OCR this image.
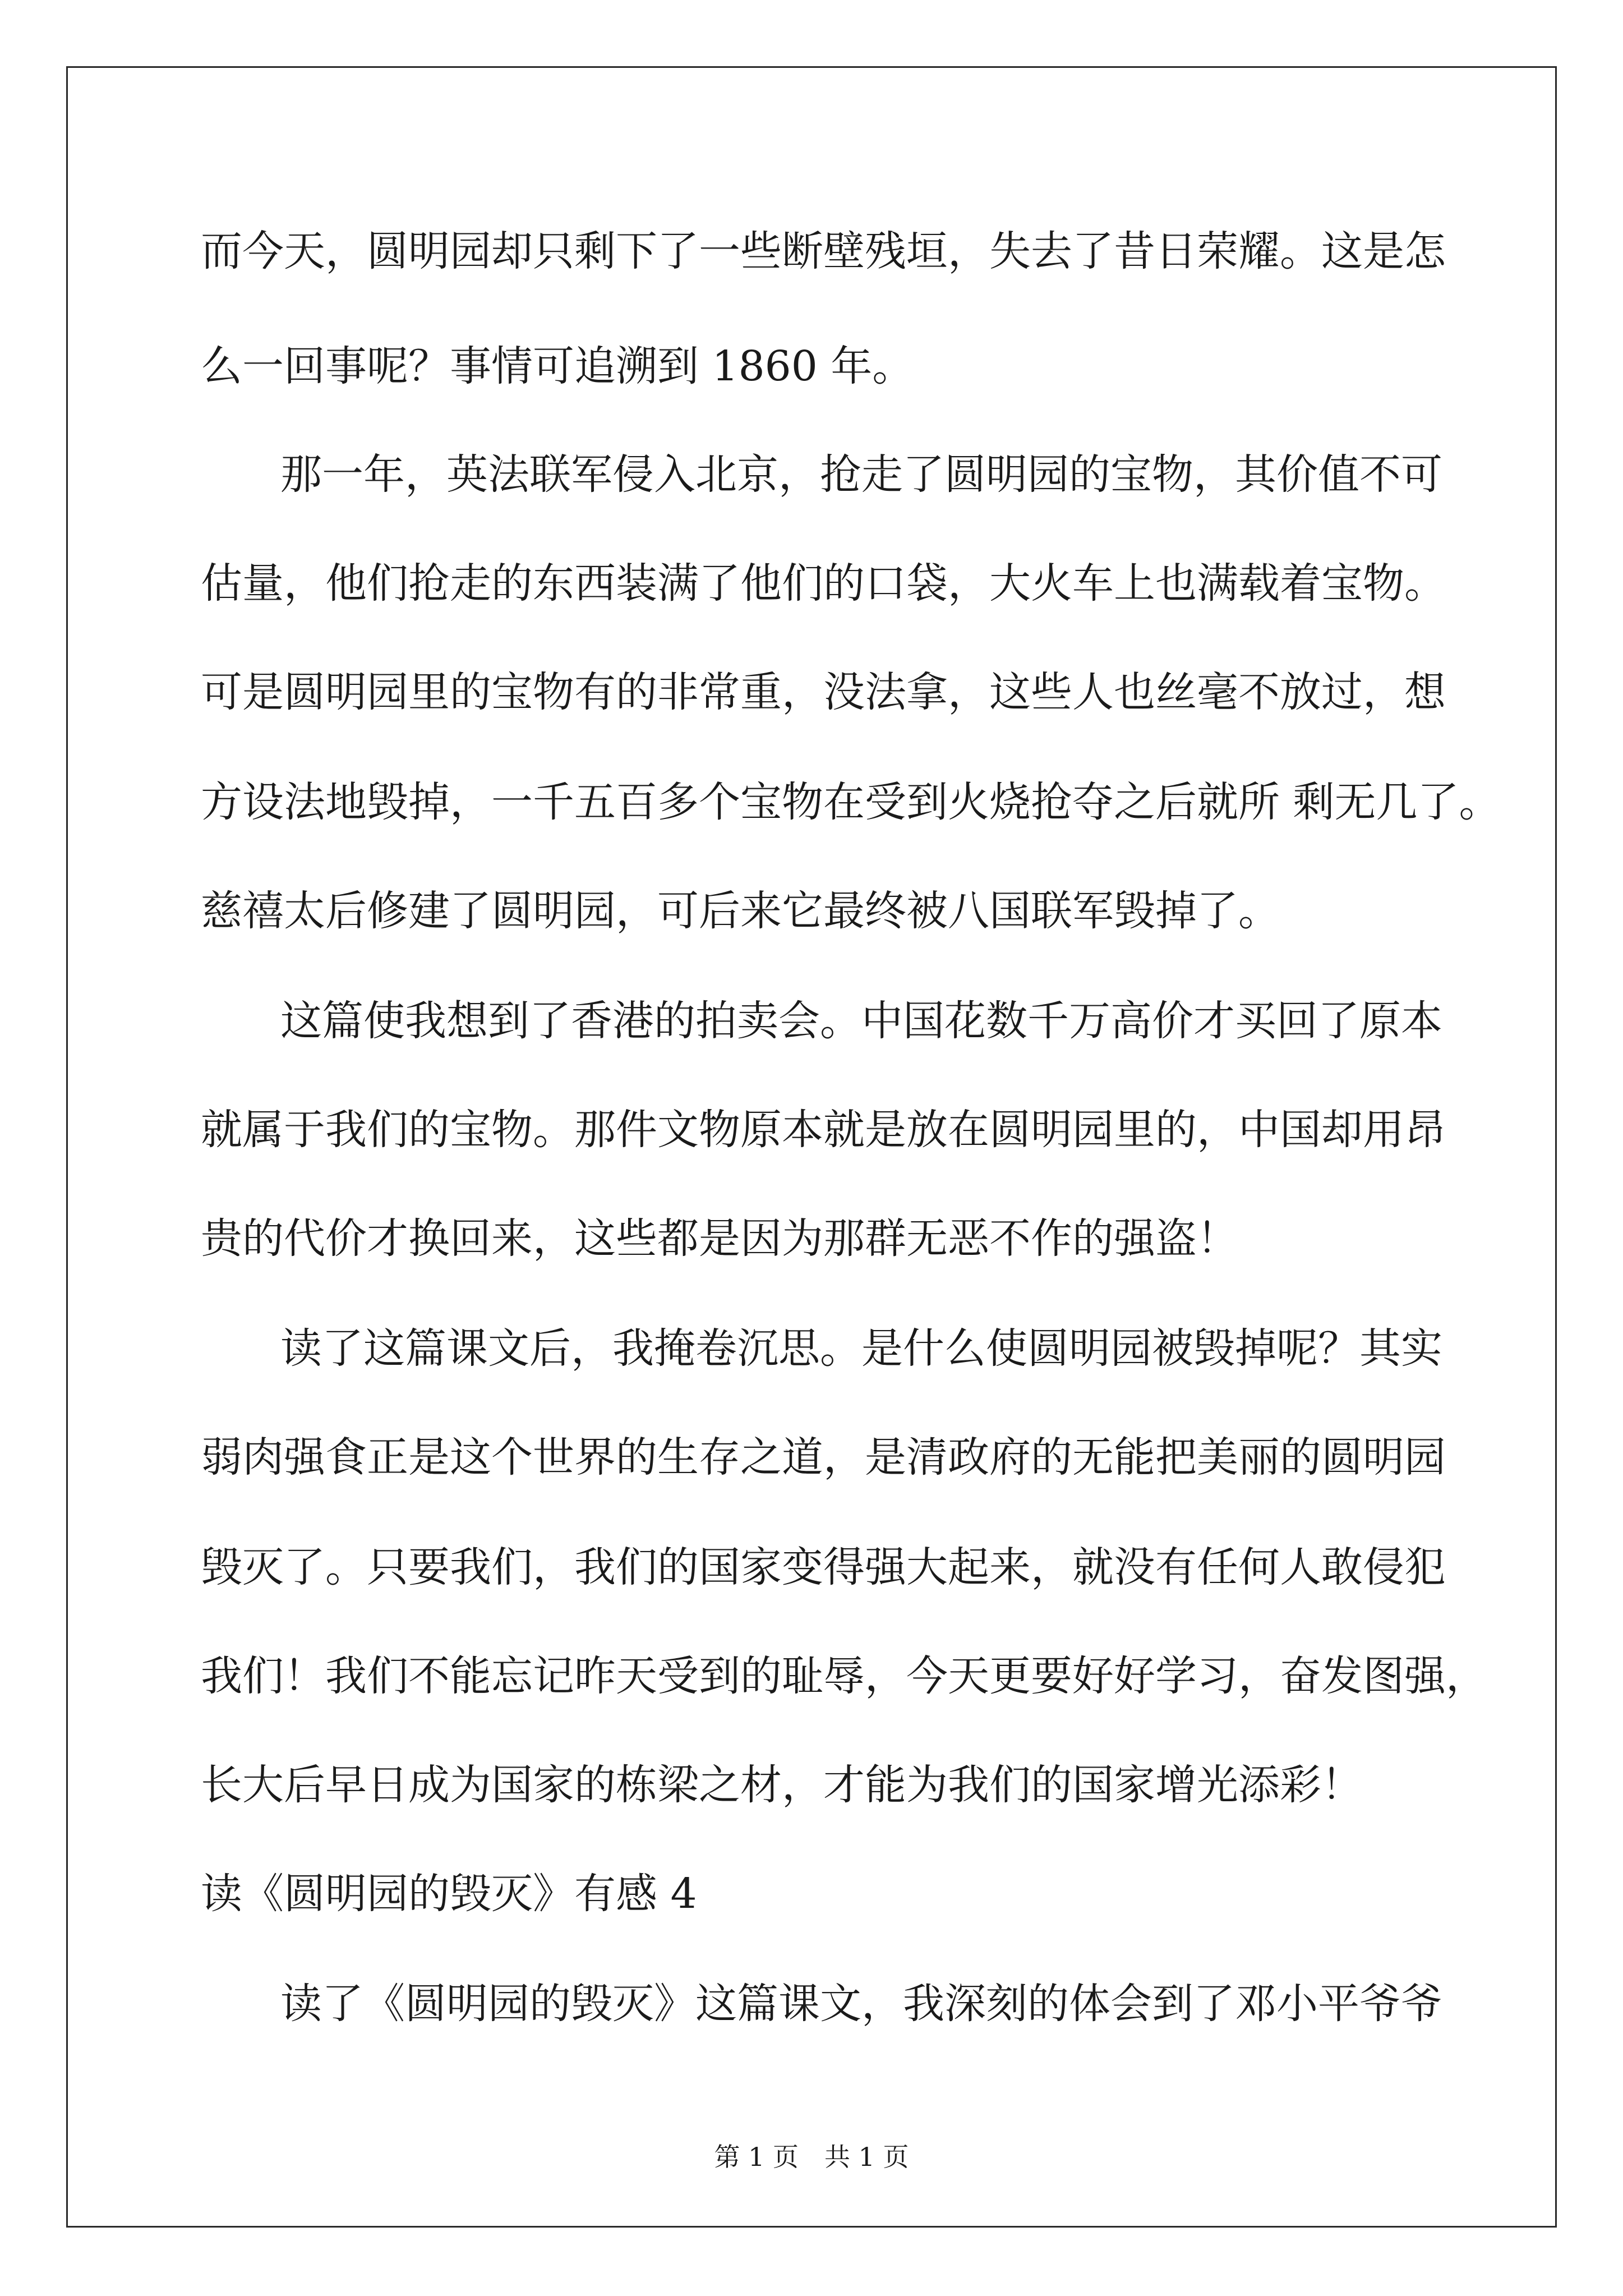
而今天，圆明园却只剩下了一些断壁残垣，失去了昔日荣耀。这是怎
么一回事呢？事情可追溯到 1860 年。
那一年，英法联军侵入北京，抢走了圆明园的宝物，其价值不可
估量，他们抢走的东西装满了他们的口袋，大火车上也满载着宝物。
可是圆明园里的宝物有的非常重，没法拿，这些人也丝毫不放过，想
方设法地毁掉，一千五百多个宝物在受到火烧抢夺之后就所 剩无几了。
慈禧太后修建了圆明园，可后来它最终被八国联军毁掉了。
这篇使我想到了香港的拍卖会。中国花数千万高价才买回了原本
就属于我们的宝物。那件文物原本就是放在圆明园里的，中国却用昂
贵的代价才换回来，这些都是因为那群无恶不作的强盗！
读了这篇课文后，我掩卷沉思。是什么使圆明园被毁掉呢？其实
弱肉强食正是这个世界的生存之道，是清政府的无能把美丽的圆明园
毁灭了。只要我们，我们的国家变得强大起来，就没有任何人敢侵犯
我们！我们不能忘记昨天受到的耻辱，今天更要好好学习，奋发图强，
长大后早日成为国家的栋梁之材，才能为我们的国家增光添彩！
读《圆明园的毁灭》有感 4
读了《圆明园的毁灭》这篇课文，我深刻的体会到了邓小平爷爷
第 1 页　共 1 页
